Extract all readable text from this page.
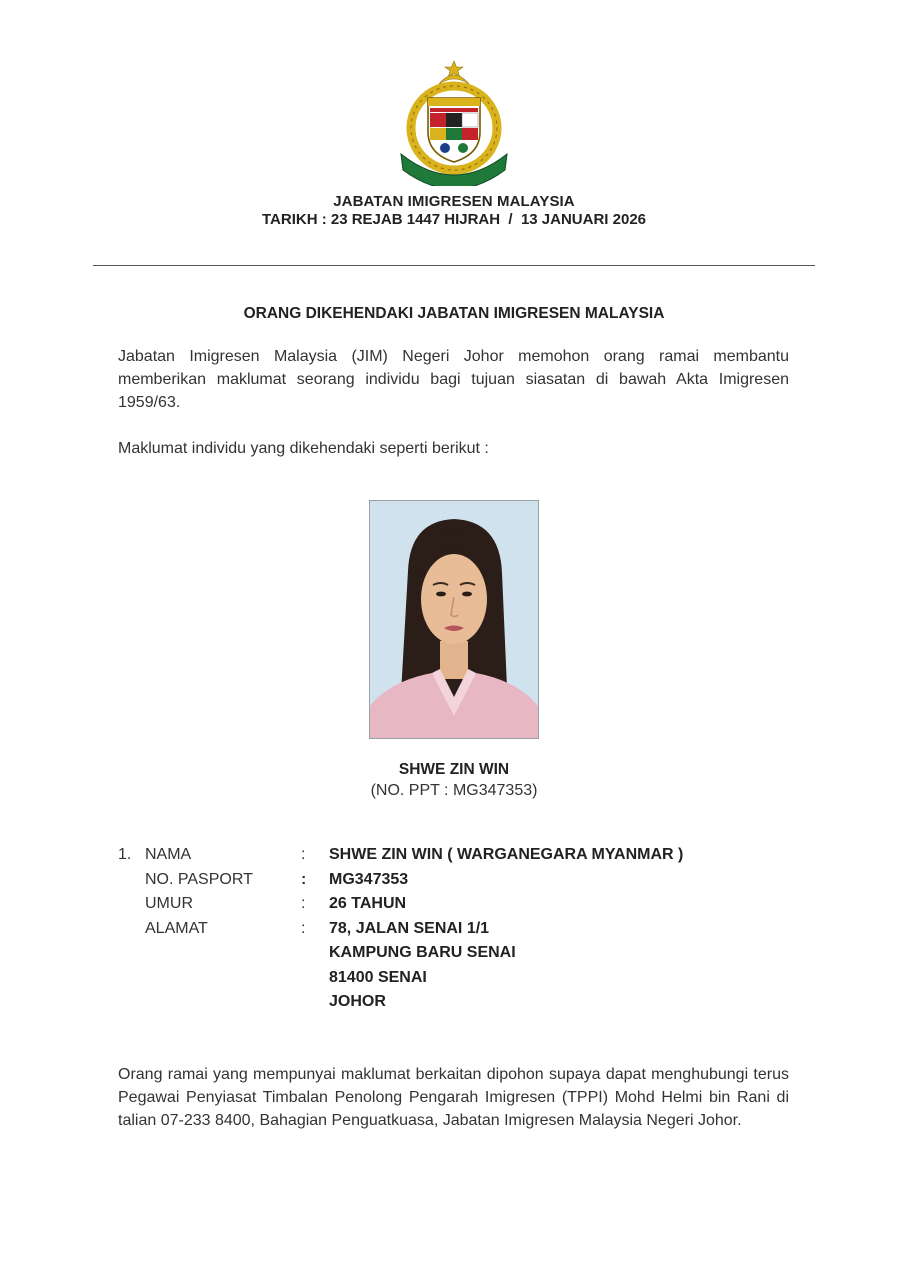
JABATAN IMIGRESEN MALAYSIA
TARIKH : 23 REJAB 1447 HIJRAH  /  13 JANUARI 2026
ORANG DIKEHENDAKI JABATAN IMIGRESEN MALAYSIA
Jabatan Imigresen Malaysia (JIM) Negeri Johor memohon orang ramai membantu memberikan maklumat seorang individu bagi tujuan siasatan di bawah Akta Imigresen 1959/63.
Maklumat individu yang dikehendaki seperti berikut :
SHWE ZIN WIN
(NO. PPT : MG347353)
1. NAMA	: SHWE ZIN WIN ( WARGANEGARA MYANMAR )
NO. PASPORT	: MG347353
UMUR	: 26 TAHUN
ALAMAT	: 78, JALAN SENAI 1/1
KAMPUNG BARU SENAI
81400 SENAI
JOHOR
Orang ramai yang mempunyai maklumat berkaitan dipohon supaya dapat menghubungi terus Pegawai Penyiasat Timbalan Penolong Pengarah Imigresen (TPPI) Mohd Helmi bin Rani di talian 07-233 8400, Bahagian Penguatkuasa, Jabatan Imigresen Malaysia Negeri Johor.
